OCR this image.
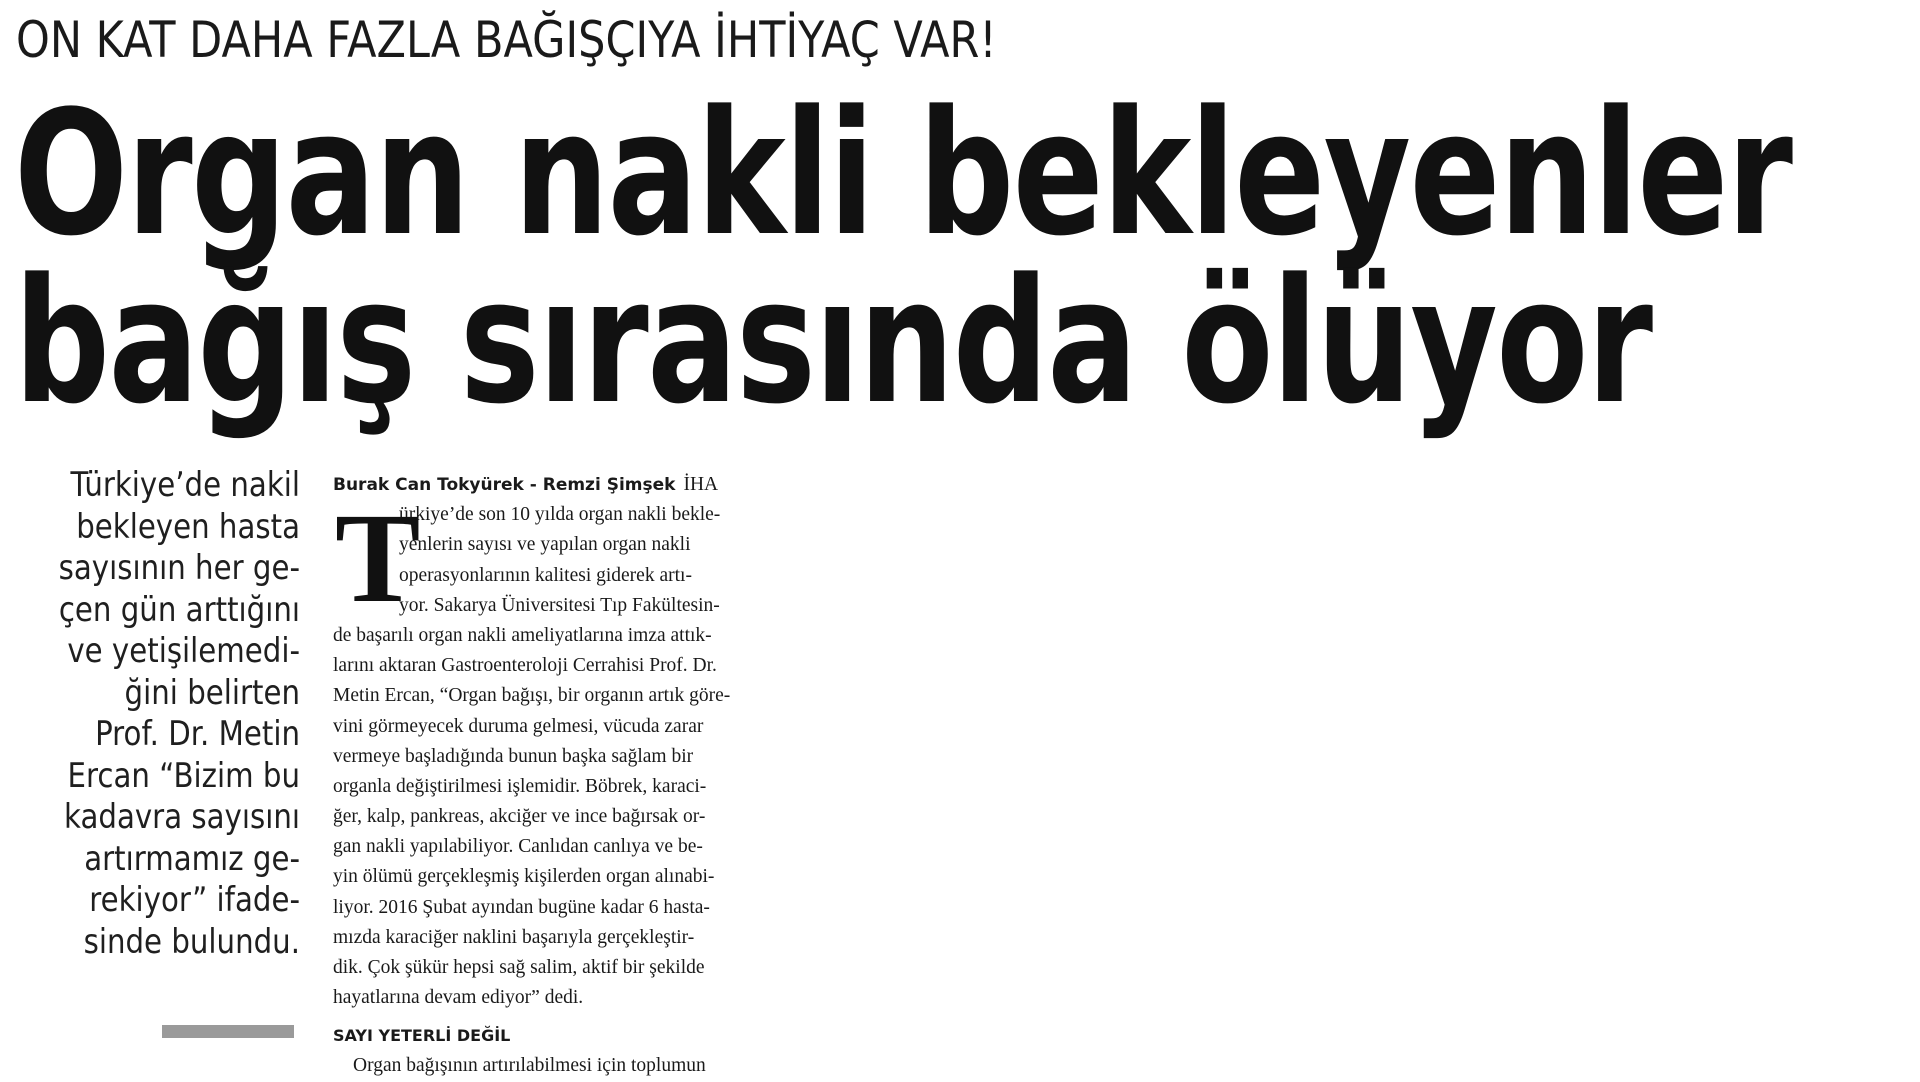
ON KAT DAHA FAZLA BAĞIŞÇIYA İHTİYAÇ VAR!
Organ nakli bekleyenler
bağış sırasında ölüyor
Türkiye’de nakil
bekleyen hasta
sayısının her ge-
çen gün arttığını
ve yetişilemedi-
ğini belirten
Prof. Dr. Metin
Ercan “Bizim bu
kadavra sayısını
artırmamız ge-
rekiyor” ifade-
sinde bulundu.
Burak Can Tokyürek - Remzi Şimşek İHA
T
ürkiye’de son 10 yılda organ nakli bekle-
yenlerin sayısı ve yapılan organ nakli
operasyonlarının kalitesi giderek artı-
yor. Sakarya Üniversitesi Tıp Fakültesin-
de başarılı organ nakli ameliyatlarına imza attık-
larını aktaran Gastroenteroloji Cerrahisi Prof. Dr.
Metin Ercan, “Organ bağışı, bir organın artık göre-
vini görmeyecek duruma gelmesi, vücuda zarar
vermeye başladığında bunun başka sağlam bir
organla değiştirilmesi işlemidir. Böbrek, karaci-
ğer, kalp, pankreas, akciğer ve ince bağırsak or-
gan nakli yapılabiliyor. Canlıdan canlıya ve be-
yin ölümü gerçekleşmiş kişilerden organ alınabi-
liyor. 2016 Şubat ayından bugüne kadar 6 hasta-
mızda karaciğer naklini başarıyla gerçekleştir-
dik. Çok şükür hepsi sağ salim, aktif bir şekilde
hayatlarına devam ediyor” dedi.
SAYI YETERLİ DEĞİL
Organ bağışının artırılabilmesi için toplumun
